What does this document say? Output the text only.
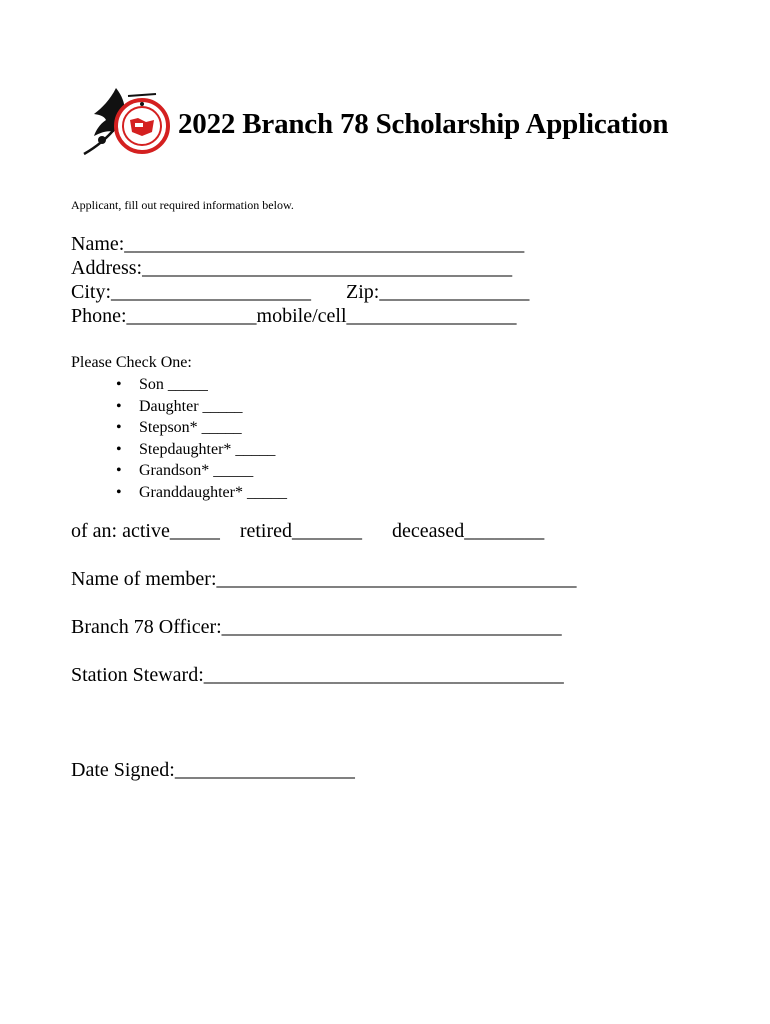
2022 Branch 78 Scholarship Application
Applicant, fill out required information below.
Name:________________________________________
Address:_____________________________________
City:____________________       Zip:_______________
Phone:_____________mobile/cell_________________
Please Check One:
• Son _____
• Daughter _____
• Stepson* _____
• Stepdaughter* _____
• Grandson* _____
• Granddaughter* _____
of an: active_____    retired_______      deceased________
Name of member:____________________________________
Branch 78 Officer:__________________________________
Station Steward:____________________________________
Date Signed:__________________
